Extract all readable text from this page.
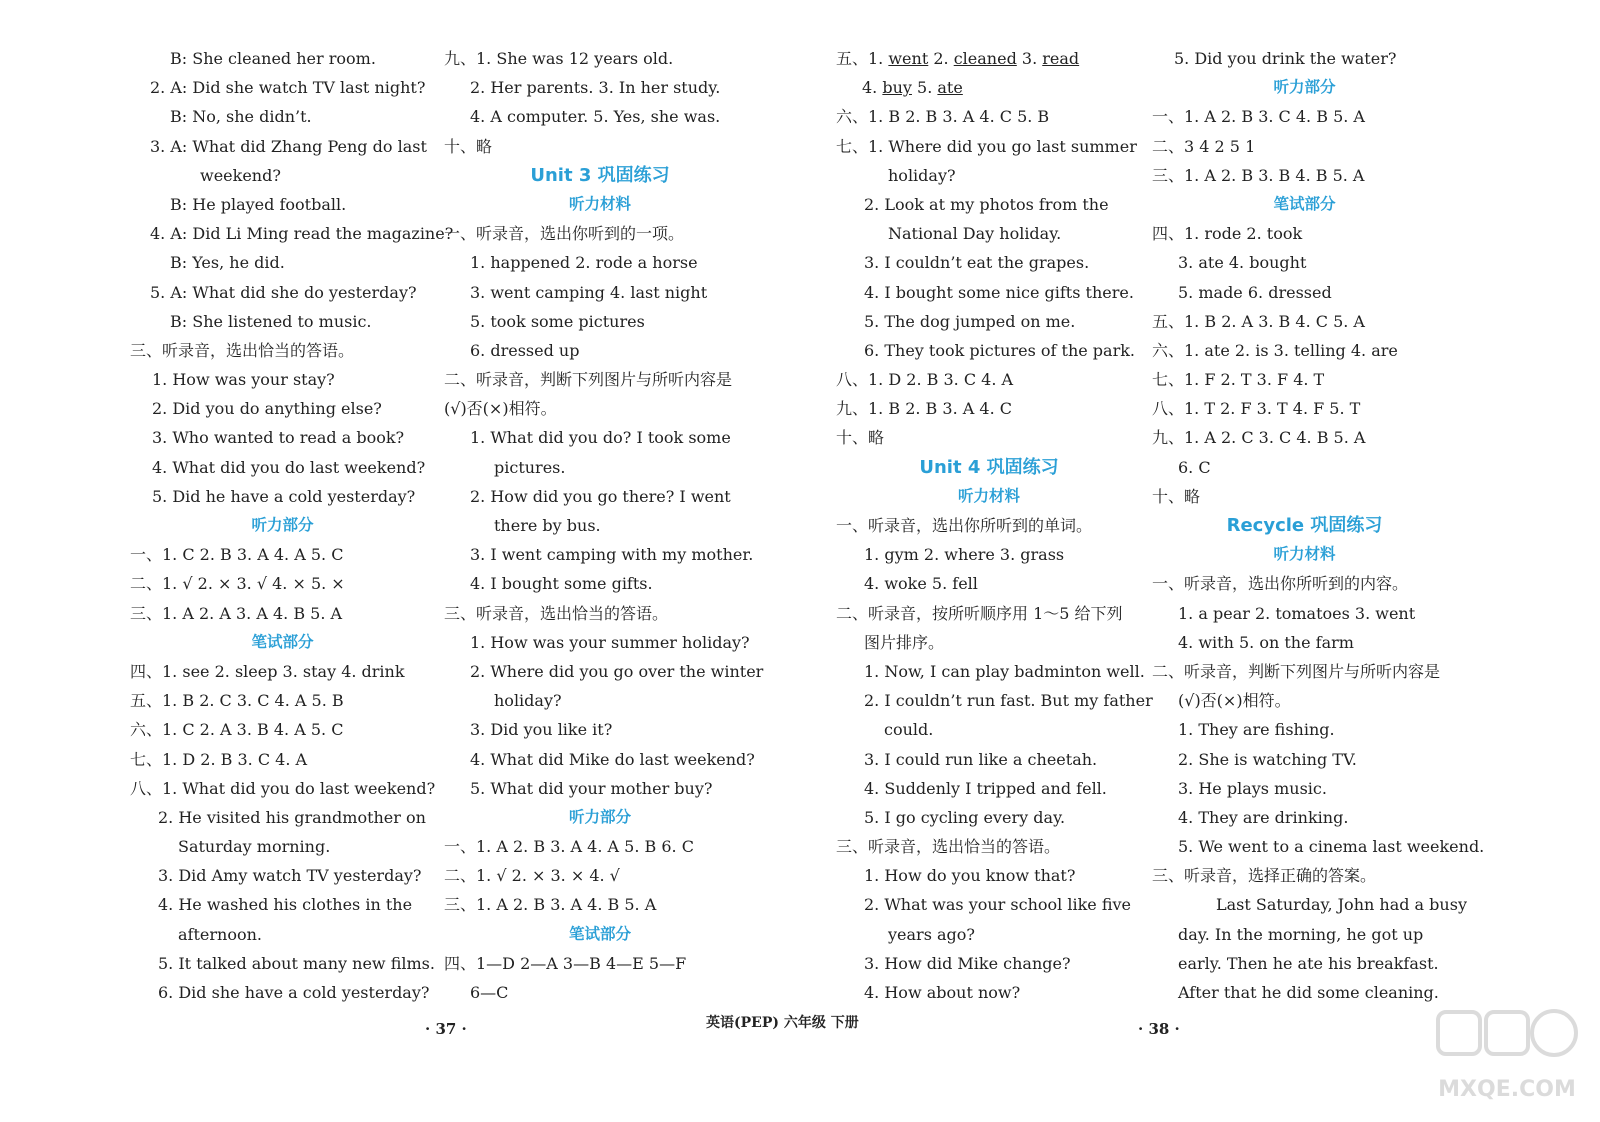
B: She cleaned her room.
2. A: Did she watch TV last night?
B: No, she didn’t.
3. A: What did Zhang Peng do last
weekend?
B: He played football.
4. A: Did Li Ming read the magazine?
B: Yes, he did.
5. A: What did she do yesterday?
B: She listened to music.
三、听录音，选出恰当的答语。
1. How was your stay?
2. Did you do anything else?
3. Who wanted to read a book?
4. What did you do last weekend?
5. Did he have a cold yesterday?
听力部分
一、1. C 2. B 3. A 4. A 5. C
二、1. √ 2. × 3. √ 4. × 5. ×
三、1. A 2. A 3. A 4. B 5. A
笔试部分
四、1. see 2. sleep 3. stay 4. drink
五、1. B 2. C 3. C 4. A 5. B
六、1. C 2. A 3. B 4. A 5. C
七、1. D 2. B 3. C 4. A
八、1. What did you do last weekend?
2. He visited his grandmother on
Saturday morning.
3. Did Amy watch TV yesterday?
4. He washed his clothes in the
afternoon.
5. It talked about many new films.
6. Did she have a cold yesterday?
九、1. She was 12 years old.
2. Her parents. 3. In her study.
4. A computer. 5. Yes, she was.
十、略
Unit 3 巩固练习
听力材料
一、听录音，选出你听到的一项。
1. happened 2. rode a horse
3. went camping 4. last night
5. took some pictures
6. dressed up
二、听录音，判断下列图片与所听内容是
(√)否(×)相符。
1. What did you do? I took some
pictures.
2. How did you go there? I went
there by bus.
3. I went camping with my mother.
4. I bought some gifts.
三、听录音，选出恰当的答语。
1. How was your summer holiday?
2. Where did you go over the winter
holiday?
3. Did you like it?
4. What did Mike do last weekend?
5. What did your mother buy?
听力部分
一、1. A 2. B 3. A 4. A 5. B 6. C
二、1. √ 2. × 3. × 4. √
三、1. A 2. B 3. A 4. B 5. A
笔试部分
四、1—D 2—A 3—B 4—E 5—F
6—C
五、1. went 2. cleaned 3. read
4. buy 5. ate
六、1. B 2. B 3. A 4. C 5. B
七、1. Where did you go last summer
holiday?
2. Look at my photos from the
National Day holiday.
3. I couldn’t eat the grapes.
4. I bought some nice gifts there.
5. The dog jumped on me.
6. They took pictures of the park.
八、1. D 2. B 3. C 4. A
九、1. B 2. B 3. A 4. C
十、略
Unit 4 巩固练习
听力材料
一、听录音，选出你所听到的单词。
1. gym 2. where 3. grass
4. woke 5. fell
二、听录音，按所听顺序用 1～5 给下列
图片排序。
1. Now, I can play badminton well.
2. I couldn’t run fast. But my father
could.
3. I could run like a cheetah.
4. Suddenly I tripped and fell.
5. I go cycling every day.
三、听录音，选出恰当的答语。
1. How do you know that?
2. What was your school like five
years ago?
3. How did Mike change?
4. How about now?
5. Did you drink the water?
听力部分
一、1. A 2. B 3. C 4. B 5. A
二、3 4 2 5 1
三、1. A 2. B 3. B 4. B 5. A
笔试部分
四、1. rode 2. took
3. ate 4. bought
5. made 6. dressed
五、1. B 2. A 3. B 4. C 5. A
六、1. ate 2. is 3. telling 4. are
七、1. F 2. T 3. F 4. T
八、1. T 2. F 3. T 4. F 5. T
九、1. A 2. C 3. C 4. B 5. A
6. C
十、略
Recycle 巩固练习
听力材料
一、听录音，选出你所听到的内容。
1. a pear 2. tomatoes 3. went
4. with 5. on the farm
二、听录音，判断下列图片与所听内容是
(√)否(×)相符。
1. They are fishing.
2. She is watching TV.
3. He plays music.
4. They are drinking.
5. We went to a cinema last weekend.
三、听录音，选择正确的答案。
Last Saturday, John had a busy
day. In the morning, he got up
early. Then he ate his breakfast.
After that he did some cleaning.
· 37 ·	英语(PEP) 六年级 下册	· 38 ·
MXQE.COM
